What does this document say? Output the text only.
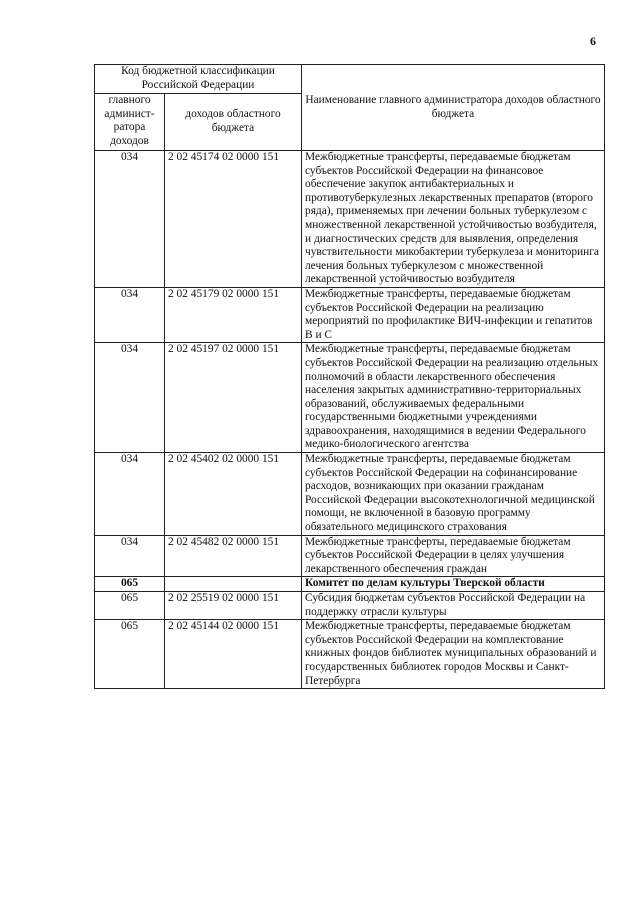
6
Код бюджетной классификации Российской Федерации		Наименование главного администратора доходов областного бюджета
главного админист-ратора доходов	доходов областного бюджета	
034	2 02 45174 02 0000 151	Межбюджетные трансферты, передаваемые бюджетам субъектов Российской Федерации на финансовое обеспечение закупок антибактериальных и противотуберкулезных лекарственных препаратов (второго ряда), применяемых при лечении больных туберкулезом с множественной лекарственной устойчивостью возбудителя, и диагностических средств для выявления, определения чувствительности микобактерии туберкулеза и мониторинга лечения больных туберкулезом с множественной лекарственной устойчивостью возбудителя
034	2 02 45179 02 0000 151	Межбюджетные трансферты, передаваемые бюджетам субъектов Российской Федерации на реализацию мероприятий по профилактике ВИЧ-инфекции и гепатитов B и C
034	2 02 45197 02 0000 151	Межбюджетные трансферты, передаваемые бюджетам субъектов Российской Федерации на реализацию отдельных полномочий в области лекарственного обеспечения населения закрытых административно-территориальных образований, обслуживаемых федеральными государственными бюджетными учреждениями здравоохранения, находящимися в ведении Федерального медико-биологического агентства
034	2 02 45402 02 0000 151	Межбюджетные трансферты, передаваемые бюджетам субъектов Российской Федерации на софинансирование расходов, возникающих при оказании гражданам Российской Федерации высокотехнологичной медицинской помощи, не включенной в базовую программу обязательного медицинского страхования
034	2 02 45482 02 0000 151	Межбюджетные трансферты, передаваемые бюджетам субъектов Российской Федерации в целях улучшения лекарственного обеспечения граждан
065		Комитет по делам культуры Тверской области
065	2 02 25519 02 0000 151	Субсидия бюджетам субъектов Российской Федерации на поддержку отрасли культуры
065	2 02 45144 02 0000 151	Межбюджетные трансферты, передаваемые бюджетам субъектов Российской Федерации на комплектование книжных фондов библиотек муниципальных образований и государственных библиотек городов Москвы и Санкт-Петербурга
